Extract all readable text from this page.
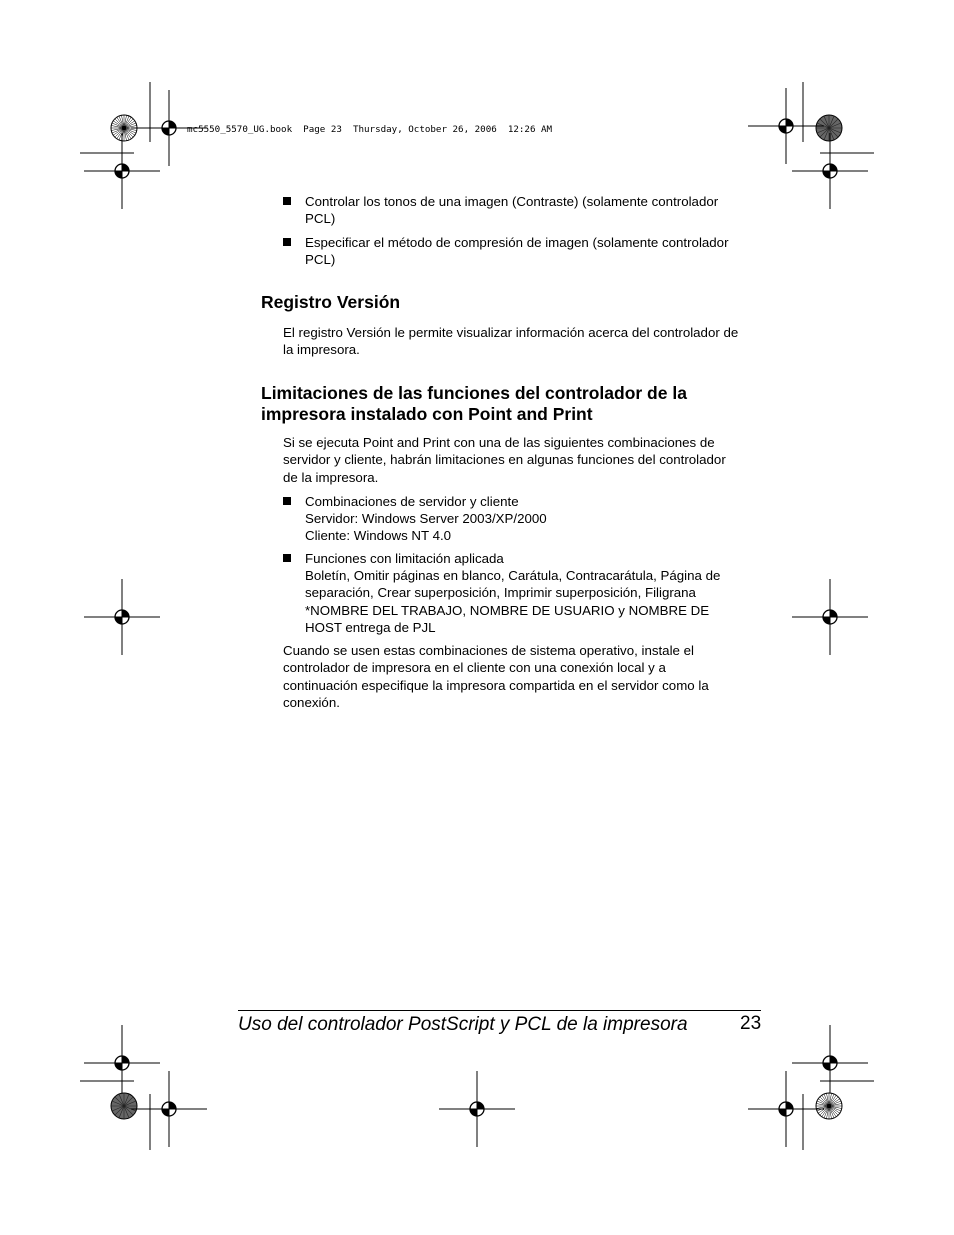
mc5550_5570_UG.book  Page 23  Thursday, October 26, 2006  12:26 AM
Controlar los tonos de una imagen (Contraste) (solamente controlador
PCL)
Especificar el método de compresión de imagen (solamente controlador
PCL)
Registro Versión
El registro Versión le permite visualizar información acerca del controlador de
la impresora.
Limitaciones de las funciones del controlador de la
impresora instalado con Point and Print
Si se ejecuta Point and Print con una de las siguientes combinaciones de
servidor y cliente, habrán limitaciones en algunas funciones del controlador
de la impresora.
Combinaciones de servidor y cliente
Servidor: Windows Server 2003/XP/2000
Cliente: Windows NT 4.0
Funciones con limitación aplicada
Boletín, Omitir páginas en blanco, Carátula, Contracarátula, Página de
separación, Crear superposición, Imprimir superposición, Filigrana
*NOMBRE DEL TRABAJO, NOMBRE DE USUARIO y NOMBRE DE
HOST entrega de PJL
Cuando se usen estas combinaciones de sistema operativo, instale el
controlador de impresora en el cliente con una conexión local y a
continuación especifique la impresora compartida en el servidor como la
conexión.
Uso del controlador PostScript y PCL de la impresora	23
